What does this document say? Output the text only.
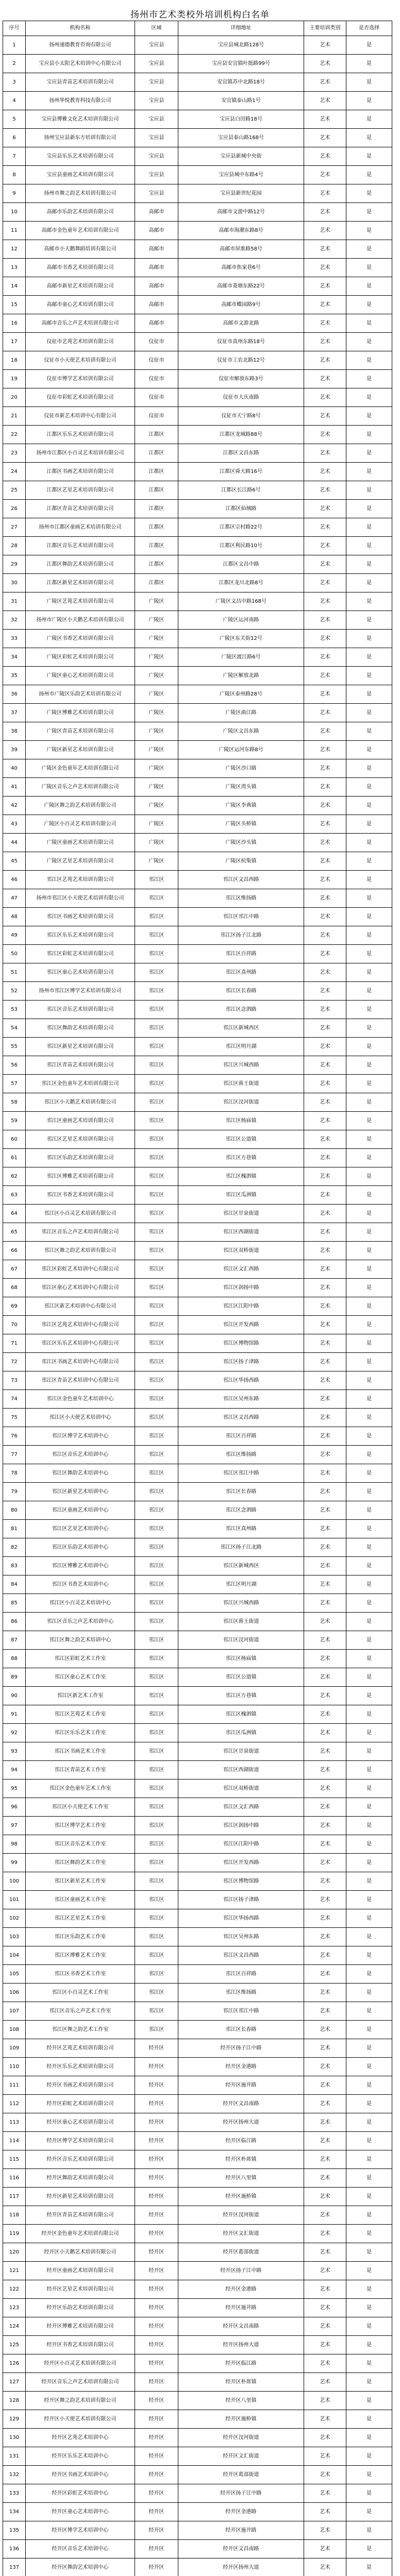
扬州市艺术类校外培训机构白名单
序号	机构名称	区域	详细地址	主要培训类别	是否选择
1	扬州速德教育咨询有限公司	宝应县	宝应县城北路128号	艺术	是
2	宝应县小太阳艺术培训中心有限公司	宝应县	宝应县安宜镇叶挺路99号	艺术	是
3	宝应县青苗艺术培训有限公司	宝应县	安宜镇苏中北路18号	艺术	是
4	扬州华悦教育科技有限公司	宝应县	安宜镇泰山路1号	艺术	是
5	宝应县博雅文化艺术培训有限公司	宝应县	宝应县白田路18号	艺术	是
6	扬州宝应县新东方培训有限公司	宝应县	宝应县泰山路168号	艺术	是
7	宝应县乐乐艺术培训有限公司	宝应县	宝应县新城中央街	艺术	是
8	宝应县童画艺术培训有限公司	宝应县	宝应县城中东路4号	艺术	是
9	扬州市舞之韵艺术培训有限公司	宝应县	宝应县新世纪花园	艺术	是
10	高邮市乐韵艺术培训有限公司	高邮市	高邮市文游中路12号	艺术	是
11	高邮市金色童年艺术培训有限公司	高邮市	高邮市海潮东路8号	艺术	是
12	高邮市小天鹅舞蹈培训有限公司	高邮市	高邮市屏淮路58号	艺术	是
13	高邮市书香艺术培训有限公司	高邮市	高邮市焦家巷6号	艺术	是
14	高邮市新星艺术培训有限公司	高邮市	高邮市菱塘东路22号	艺术	是
15	高邮市童心艺术培训有限公司	高邮市	高邮市蝶园路9号	艺术	是
16	高邮市音乐之声艺术培训有限公司	高邮市	高邮市文游北路	艺术	是
17	仪征市艺苑艺术培训有限公司	仪征市	仪征市真州东路18号	艺术	是
18	仪征市小天使艺术培训有限公司	仪征市	仪征市工农北路12号	艺术	是
19	仪征市博学艺术培训有限公司	仪征市	仪征市解放东路3号	艺术	是
20	仪征市彩虹艺术培训有限公司	仪征市	仪征市大庆南路	艺术	是
21	仪征市新艺术培训中心有限公司	仪征市	仪征市天宁路8号	艺术	是
22	江都区乐乐艺术培训有限公司	江都区	江都区龙城路88号	艺术	是
23	扬州市江都区小百灵艺术培训有限公司	江都区	江都区文昌东路	艺术	是
24	江都区书画艺术培训有限公司	江都区	江都区舜天路16号	艺术	是
25	江都区艺星艺术培训有限公司	江都区	江都区长江路6号	艺术	是
26	江都区青苗艺术培训有限公司	江都区	江都区仙城路	艺术	是
27	扬州市江都区童画艺术培训有限公司	江都区	江都区宗村路22号	艺术	是
28	江都区音乐艺术培训有限公司	江都区	江都区利民路10号	艺术	是
29	江都区舞韵艺术培训有限公司	江都区	江都区文昌中路	艺术	是
30	江都区新星艺术培训有限公司	江都区	江都区龙川北路8号	艺术	是
31	广陵区艺苑艺术培训有限公司	广陵区	广陵区文昌中路168号	艺术	是
32	扬州市广陵区小天鹅艺术培训有限公司	广陵区	广陵区运河南路	艺术	是
33	广陵区书香艺术培训有限公司	广陵区	广陵区东关街12号	艺术	是
34	广陵区彩虹艺术培训有限公司	广陵区	广陵区渡江路6号	艺术	是
35	广陵区童心艺术培训有限公司	广陵区	广陵区解放北路	艺术	是
36	扬州市广陵区乐韵艺术培训有限公司	广陵区	广陵区泰州路28号	艺术	是
37	广陵区博雅艺术培训有限公司	广陵区	广陵区曲江路	艺术	是
38	广陵区青苗艺术培训有限公司	广陵区	广陵区文昌东路	艺术	是
39	广陵区新星艺术培训有限公司	广陵区	广陵区运河东路8号	艺术	是
40	广陵区金色童年艺术培训有限公司	广陵区	广陵区沙口路	艺术	是
41	广陵区音乐之声艺术培训有限公司	广陵区	广陵区湾头镇	艺术	是
42	广陵区舞之韵艺术培训有限公司	广陵区	广陵区李典镇	艺术	是
43	广陵区小百灵艺术培训有限公司	广陵区	广陵区头桥镇	艺术	是
44	广陵区童画艺术培训有限公司	广陵区	广陵区沙头镇	艺术	是
45	广陵区艺星艺术培训有限公司	广陵区	广陵区杭集镇	艺术	是
46	邗江区艺苑艺术培训有限公司	邗江区	邗江区文昌西路	艺术	是
47	扬州市邗江区小天使艺术培训有限公司	邗江区	邗江区维扬路	艺术	是
48	邗江区书画艺术培训有限公司	邗江区	邗江区邗江中路	艺术	是
49	邗江区乐乐艺术培训有限公司	邗江区	邗江区扬子江北路	艺术	是
50	邗江区彩虹艺术培训有限公司	邗江区	邗江区百祥路	艺术	是
51	邗江区童心艺术培训有限公司	邗江区	邗江区真州路	艺术	是
52	扬州市邗江区博学艺术培训有限公司	邗江区	邗江区长春路	艺术	是
53	邗江区音乐艺术培训有限公司	邗江区	邗江区念泗路	艺术	是
54	邗江区舞韵艺术培训有限公司	邗江区	邗江区新城西区	艺术	是
55	邗江区新星艺术培训有限公司	邗江区	邗江区明月湖	艺术	是
56	邗江区青苗艺术培训有限公司	邗江区	邗江区兴城西路	艺术	是
57	邗江区金色童年艺术培训有限公司	邗江区	邗江区蒋王街道	艺术	是
58	邗江区小天鹅艺术培训有限公司	邗江区	邗江区汊河街道	艺术	是
59	邗江区童画艺术培训有限公司	邗江区	邗江区杨庙镇	艺术	是
60	邗江区艺星艺术培训有限公司	邗江区	邗江区公道镇	艺术	是
61	邗江区乐韵艺术培训有限公司	邗江区	邗江区方巷镇	艺术	是
62	邗江区博雅艺术培训有限公司	邗江区	邗江区槐泗镇	艺术	是
63	邗江区书香艺术培训有限公司	邗江区	邗江区瓜洲镇	艺术	是
64	邗江区小百灵艺术培训有限公司	邗江区	邗江区甘泉街道	艺术	是
65	邗江区音乐之声艺术培训有限公司	邗江区	邗江区西湖街道	艺术	是
66	邗江区舞之韵艺术培训有限公司	邗江区	邗江区双桥街道	艺术	是
67	邗江区彩虹艺术培训中心有限公司	邗江区	邗江区文汇西路	艺术	是
68	邗江区童心艺术培训中心有限公司	邗江区	邗江区润扬中路	艺术	是
69	邗江区新艺术培训中心有限公司	邗江区	邗江区江阳中路	艺术	是
70	邗江区艺苑艺术培训中心有限公司	邗江区	邗江区开发西路	艺术	是
71	邗江区乐乐艺术培训中心有限公司	邗江区	邗江区博物馆路	艺术	是
72	邗江区书画艺术培训中心有限公司	邗江区	邗江区扬子津路	艺术	是
73	邗江区青苗艺术培训中心有限公司	邗江区	邗江区华扬西路	艺术	是
74	邗江区金色童年艺术培训中心	邗江区	邗江区吴州东路	艺术	是
75	邗江区小天使艺术培训中心	邗江区	邗江区文昌西路	艺术	是
76	邗江区博学艺术培训中心	邗江区	邗江区百祥路	艺术	是
77	邗江区音乐艺术培训中心	邗江区	邗江区维扬路	艺术	是
78	邗江区舞韵艺术培训中心	邗江区	邗江区邗江中路	艺术	是
79	邗江区新星艺术培训中心	邗江区	邗江区长春路	艺术	是
80	邗江区童画艺术培训中心	邗江区	邗江区念泗路	艺术	是
81	邗江区艺星艺术培训中心	邗江区	邗江区真州路	艺术	是
82	邗江区乐韵艺术培训中心	邗江区	邗江区扬子江北路	艺术	是
83	邗江区博雅艺术培训中心	邗江区	邗江区新城西区	艺术	是
84	邗江区书香艺术培训中心	邗江区	邗江区明月湖	艺术	是
85	邗江区小百灵艺术培训中心	邗江区	邗江区兴城西路	艺术	是
86	邗江区音乐之声艺术培训中心	邗江区	邗江区蒋王街道	艺术	是
87	邗江区舞之韵艺术培训中心	邗江区	邗江区汊河街道	艺术	是
88	邗江区彩虹艺术工作室	邗江区	邗江区杨庙镇	艺术	是
89	邗江区童心艺术工作室	邗江区	邗江区公道镇	艺术	是
90	邗江区新艺术工作室	邗江区	邗江区方巷镇	艺术	是
91	邗江区艺苑艺术工作室	邗江区	邗江区槐泗镇	艺术	是
92	邗江区乐乐艺术工作室	邗江区	邗江区瓜洲镇	艺术	是
93	邗江区书画艺术工作室	邗江区	邗江区甘泉街道	艺术	是
94	邗江区青苗艺术工作室	邗江区	邗江区西湖街道	艺术	是
95	邗江区金色童年艺术工作室	邗江区	邗江区双桥街道	艺术	是
96	邗江区小天使艺术工作室	邗江区	邗江区文汇西路	艺术	是
97	邗江区博学艺术工作室	邗江区	邗江区润扬中路	艺术	是
98	邗江区音乐艺术工作室	邗江区	邗江区江阳中路	艺术	是
99	邗江区舞韵艺术工作室	邗江区	邗江区开发西路	艺术	是
100	邗江区新星艺术工作室	邗江区	邗江区博物馆路	艺术	是
101	邗江区童画艺术工作室	邗江区	邗江区扬子津路	艺术	是
102	邗江区艺星艺术工作室	邗江区	邗江区华扬西路	艺术	是
103	邗江区乐韵艺术工作室	邗江区	邗江区吴州东路	艺术	是
104	邗江区博雅艺术工作室	邗江区	邗江区文昌西路	艺术	是
105	邗江区书香艺术工作室	邗江区	邗江区百祥路	艺术	是
106	邗江区小百灵艺术工作室	邗江区	邗江区维扬路	艺术	是
107	邗江区音乐之声艺术工作室	邗江区	邗江区邗江中路	艺术	是
108	邗江区舞之韵艺术工作室	邗江区	邗江区长春路	艺术	是
109	经开区艺苑艺术培训有限公司	经开区	经开区扬子江中路	艺术	是
110	经开区乐乐艺术培训有限公司	经开区	经开区金港路	艺术	是
111	经开区书画艺术培训有限公司	经开区	经开区施井路	艺术	是
112	经开区彩虹艺术培训有限公司	经开区	经开区文昌南路	艺术	是
113	经开区童心艺术培训有限公司	经开区	经开区扬州大道	艺术	是
114	经开区博学艺术培训有限公司	经开区	经开区临江路	艺术	是
115	经开区音乐艺术培训有限公司	经开区	经开区朴席镇	艺术	是
116	经开区舞韵艺术培训有限公司	经开区	经开区八里镇	艺术	是
117	经开区新星艺术培训有限公司	经开区	经开区施桥镇	艺术	是
118	经开区青苗艺术培训有限公司	经开区	经开区汊河街道	艺术	是
119	经开区金色童年艺术培训有限公司	经开区	经开区文汇街道	艺术	是
120	经开区小天鹅艺术培训有限公司	经开区	经开区葛部街道	艺术	是
121	经开区童画艺术培训有限公司	经开区	经开区扬子江中路	艺术	是
122	经开区艺星艺术培训有限公司	经开区	经开区金港路	艺术	是
123	经开区乐韵艺术培训有限公司	经开区	经开区施井路	艺术	是
124	经开区博雅艺术培训有限公司	经开区	经开区文昌南路	艺术	是
125	经开区书香艺术培训有限公司	经开区	经开区扬州大道	艺术	是
126	经开区小百灵艺术培训有限公司	经开区	经开区临江路	艺术	是
127	经开区音乐之声艺术培训有限公司	经开区	经开区朴席镇	艺术	是
128	经开区舞之韵艺术培训有限公司	经开区	经开区八里镇	艺术	是
129	经开区小天使艺术培训有限公司	经开区	经开区施桥镇	艺术	是
130	经开区艺苑艺术培训中心	经开区	经开区汊河街道	艺术	是
131	经开区乐乐艺术培训中心	经开区	经开区文汇街道	艺术	是
132	经开区书画艺术培训中心	经开区	经开区葛部街道	艺术	是
133	经开区彩虹艺术培训中心	经开区	经开区扬子江中路	艺术	是
134	经开区童心艺术培训中心	经开区	经开区金港路	艺术	是
135	经开区博学艺术培训中心	经开区	经开区施井路	艺术	是
136	经开区音乐艺术培训中心	经开区	经开区文昌南路	艺术	是
137	经开区舞韵艺术培训中心	经开区	经开区扬州大道	艺术	是
